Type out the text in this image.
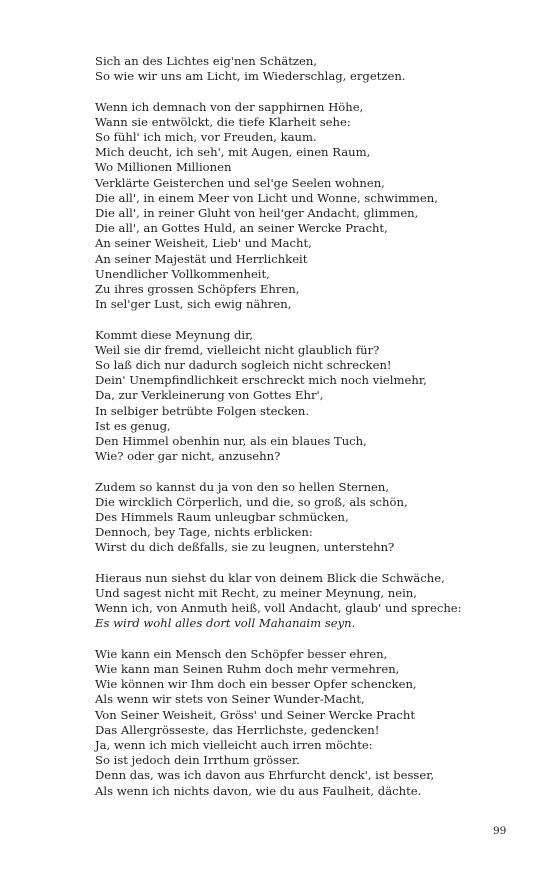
Sich an des Lichtes eig'nen Schätzen,
So wie wir uns am Licht, im Wiederschlag, ergetzen.
Wenn ich demnach von der sapphirnen Höhe,
Wann sie entwölckt, die tiefe Klarheit sehe:
So fühl' ich mich, vor Freuden, kaum.
Mich deucht, ich seh', mit Augen, einen Raum,
Wo Millionen Millionen
Verklärte Geisterchen und sel'ge Seelen wohnen,
Die all', in einem Meer von Licht und Wonne, schwimmen,
Die all', in reiner Gluht von heil'ger Andacht, glimmen,
Die all', an Gottes Huld, an seiner Wercke Pracht,
An seiner Weisheit, Lieb' und Macht,
An seiner Majestät und Herrlichkeit
Unendlicher Vollkommenheit,
Zu ihres grossen Schöpfers Ehren,
In sel'ger Lust, sich ewig nähren,
Kommt diese Meynung dir,
Weil sie dir fremd, vielleicht nicht glaublich für?
So laß dich nur dadurch sogleich nicht schrecken!
Dein' Unempfindlichkeit erschreckt mich noch vielmehr,
Da, zur Verkleinerung von Gottes Ehr',
In selbiger betrübte Folgen stecken.
Ist es genug,
Den Himmel obenhin nur, als ein blaues Tuch,
Wie? oder gar nicht, anzusehn?
Zudem so kannst du ja von den so hellen Sternen,
Die wircklich Cörperlich, und die, so groß, als schön,
Des Himmels Raum unleugbar schmücken,
Dennoch, bey Tage, nichts erblicken:
Wirst du dich deßfalls, sie zu leugnen, unterstehn?
Hieraus nun siehst du klar von deinem Blick die Schwäche,
Und sagest nicht mit Recht, zu meiner Meynung, nein,
Wenn ich, von Anmuth heiß, voll Andacht, glaub' und spreche:
Es wird wohl alles dort voll Mahanaim seyn.
Wie kann ein Mensch den Schöpfer besser ehren,
Wie kann man Seinen Ruhm doch mehr vermehren,
Wie können wir Ihm doch ein besser Opfer schencken,
Als wenn wir stets von Seiner Wunder-Macht,
Von Seiner Weisheit, Gröss' und Seiner Wercke Pracht
Das Allergrösseste, das Herrlichste, gedencken!
Ja, wenn ich mich vielleicht auch irren möchte:
So ist jedoch dein Irrthum grösser.
Denn das, was ich davon aus Ehrfurcht denck', ist besser,
Als wenn ich nichts davon, wie du aus Faulheit, dächte.
99
